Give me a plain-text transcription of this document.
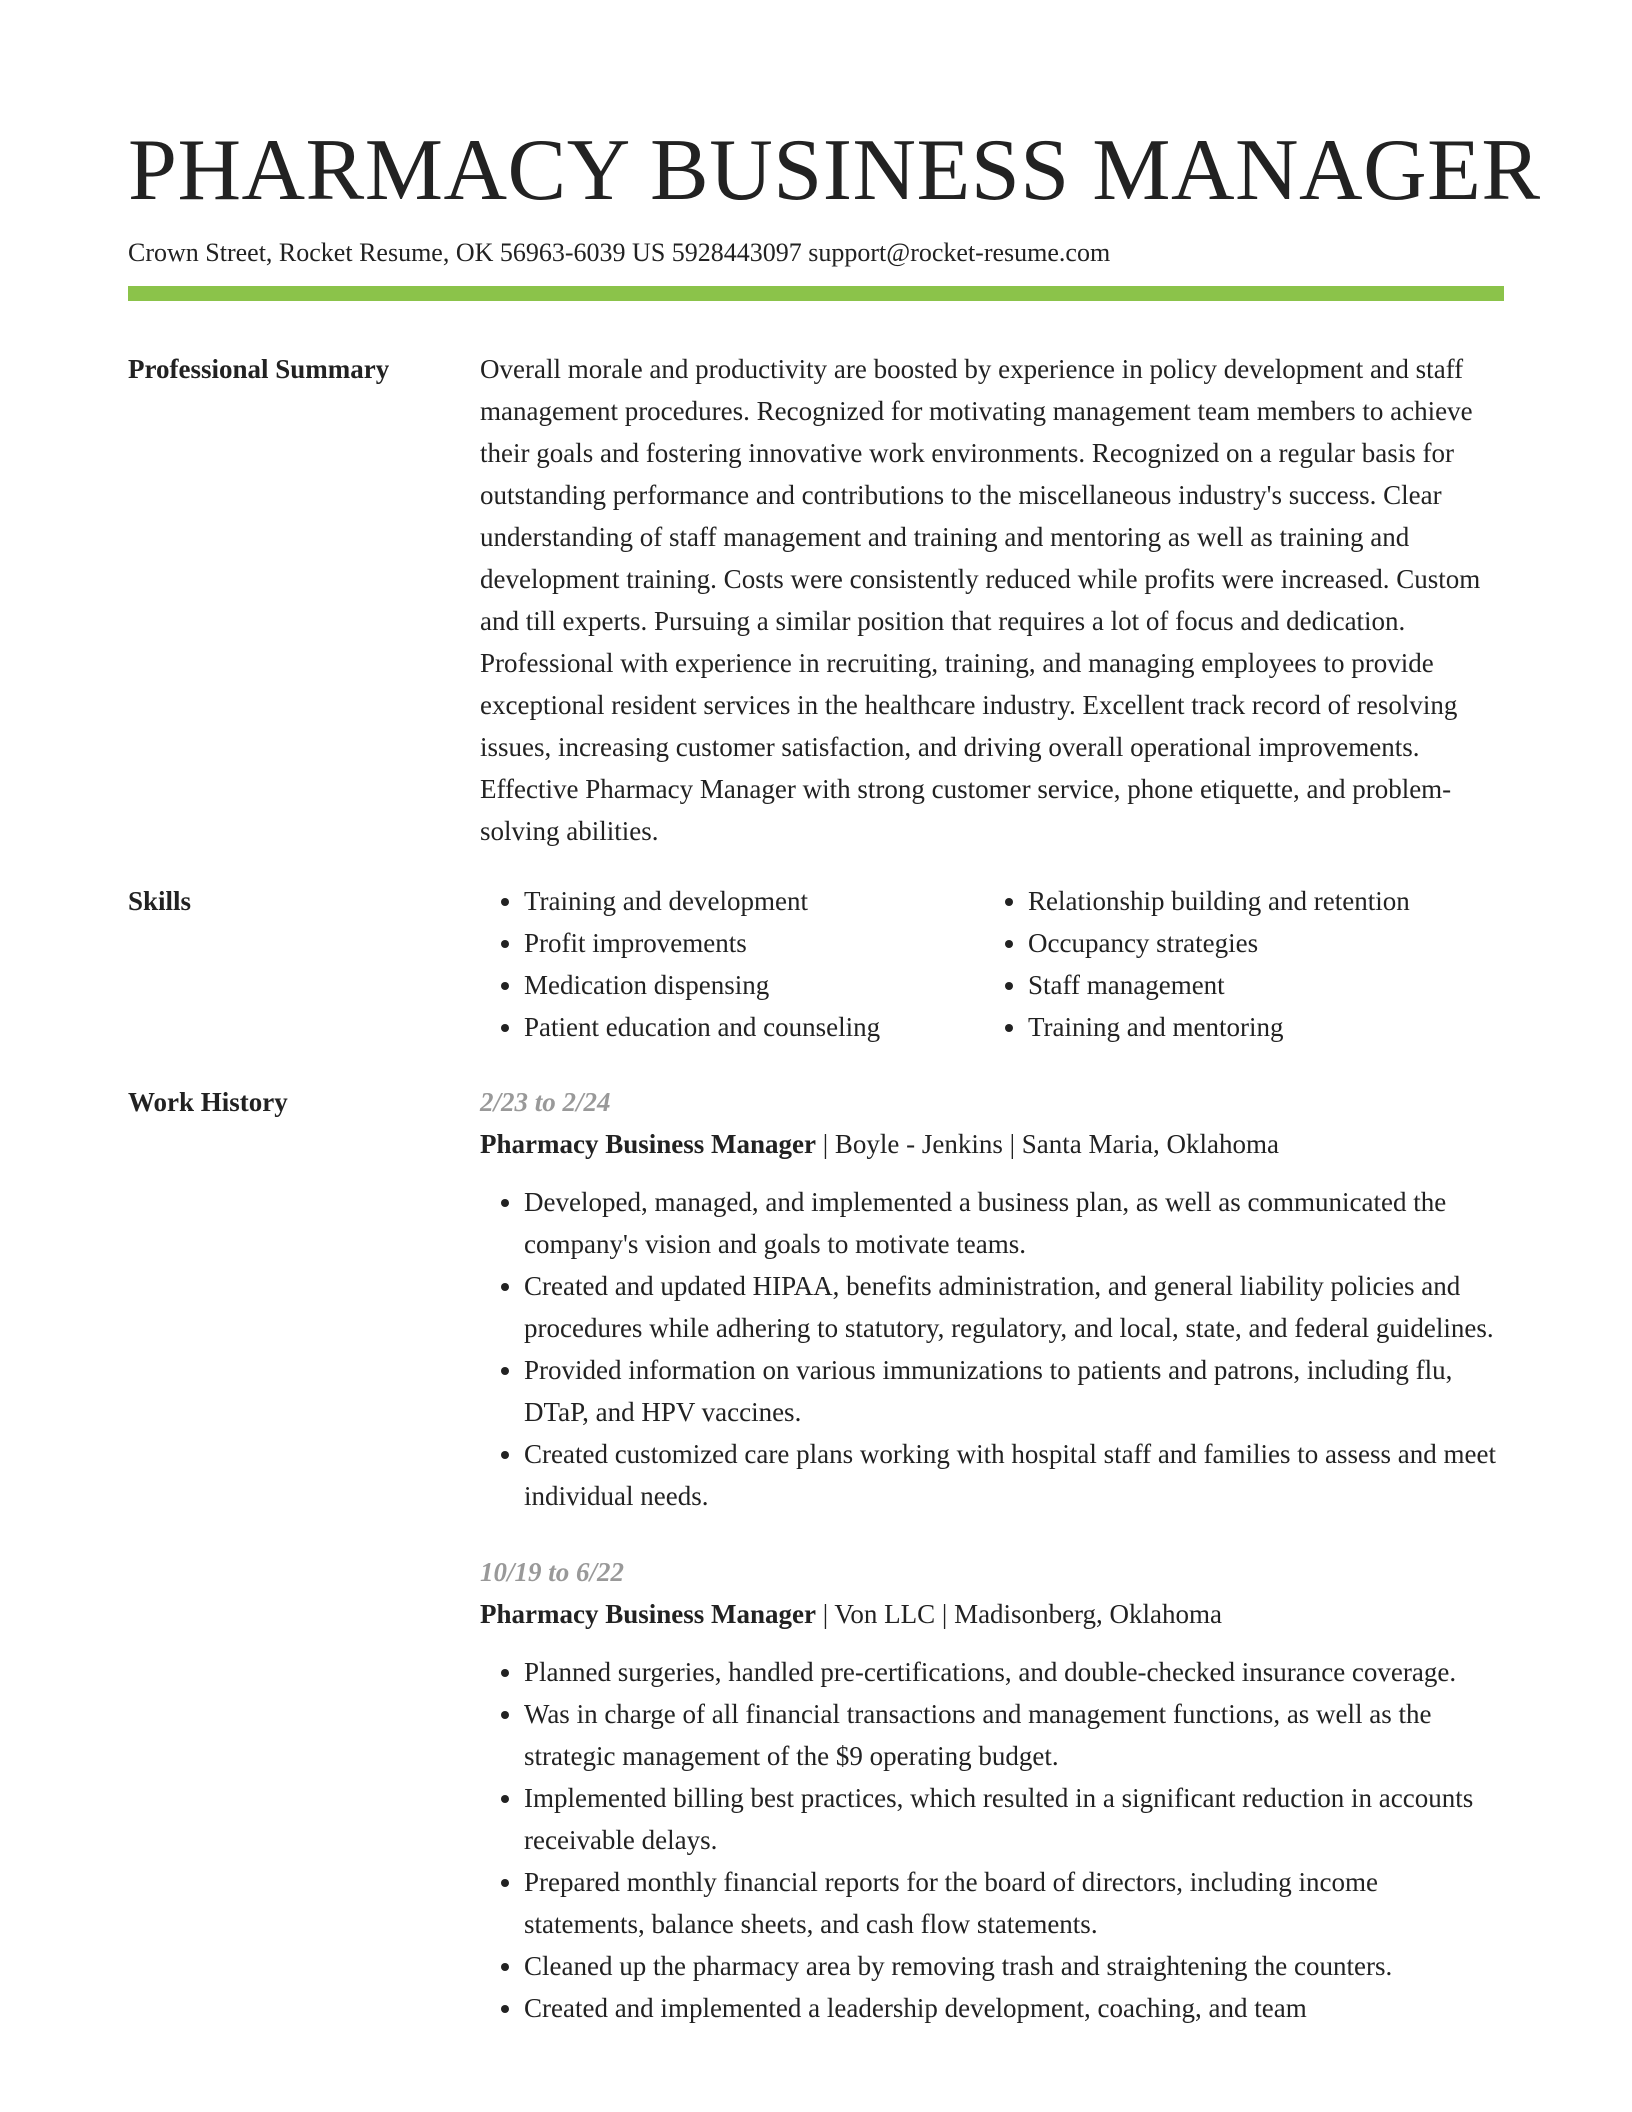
PHARMACY BUSINESS MANAGER
Crown Street, Rocket Resume, OK 56963-6039 US 5928443097 support@rocket-resume.com
Professional Summary	Overall morale and productivity are boosted by experience in policy development and staff management procedures. Recognized for motivating management team members to achieve their goals and fostering innovative work environments. Recognized on a regular basis for outstanding performance and contributions to the miscellaneous industry's success. Clear understanding of staff management and training and mentoring as well as training and development training. Costs were consistently reduced while profits were increased. Custom and till experts. Pursuing a similar position that requires a lot of focus and dedication. Professional with experience in recruiting, training, and managing employees to provide exceptional resident services in the healthcare industry. Excellent track record of resolving issues, increasing customer satisfaction, and driving overall operational improvements. Effective Pharmacy Manager with strong customer service, phone etiquette, and problem-solving abilities.

Skills
•	Training and development
• Profit improvements
• Medication dispensing
• Patient education and counseling
• Relationship building and retention
• Occupancy strategies
• Staff management
• Training and mentoring
Work History	2/23 to 2/24
Pharmacy Business Manager | Boyle - Jenkins | Santa Maria, Oklahoma
• Developed, managed, and implemented a business plan, as well as communicated the company's vision and goals to motivate teams.
• Created and updated HIPAA, benefits administration, and general liability policies and procedures while adhering to statutory, regulatory, and local, state, and federal guidelines.
• Provided information on various immunizations to patients and patrons, including flu, DTaP, and HPV vaccines.
• Created customized care plans working with hospital staff and families to assess and meet individual needs.
10/19 to 6/22
Pharmacy Business Manager | Von LLC | Madisonberg, Oklahoma
• Planned surgeries, handled pre-certifications, and double-checked insurance coverage.
• Was in charge of all financial transactions and management functions, as well as the strategic management of the $9 operating budget.
• Implemented billing best practices, which resulted in a significant reduction in accounts receivable delays.
• Prepared monthly financial reports for the board of directors, including income statements, balance sheets, and cash flow statements.
• Cleaned up the pharmacy area by removing trash and straightening the counters.
• Created and implemented a leadership development, coaching, and team
